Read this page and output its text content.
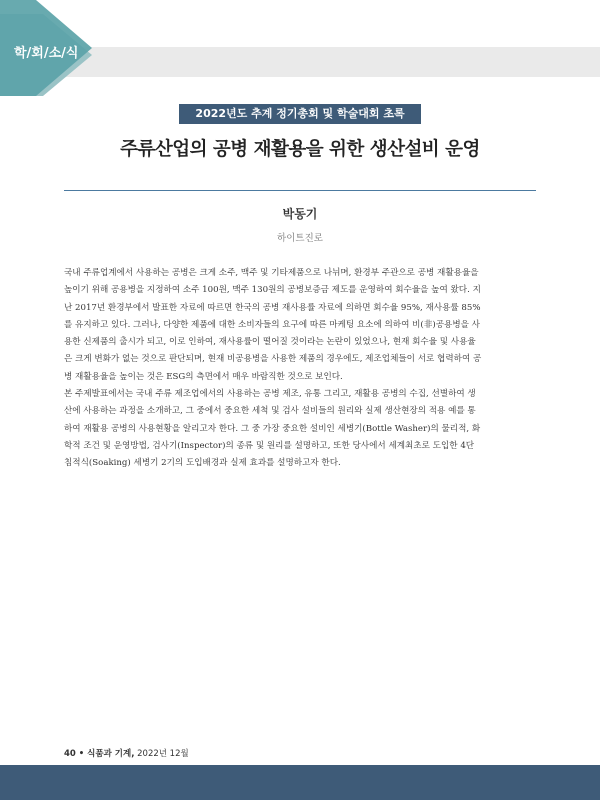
학/회/소/식
2022년도 추계 정기총회 및 학술대회 초록
주류산업의 공병 재활용을 위한 생산설비 운영
박동기
하이트진로

국내 주류업계에서 사용하는 공병은 크게 소주, 맥주 및 기타제품으로 나뉘며, 환경부 주관으로 공병 재활용율을

높이기 위해 공용병을 지정하여 소주 100원, 맥주 130원의 공병보증금 제도를 운영하여 회수율을 높여 왔다. 지

난 2017년 환경부에서 발표한 자료에 따르면 한국의 공병 재사용률 자료에 의하면 회수율 95%, 재사용률 85%

를 유지하고 있다. 그러나, 다양한 제품에 대한 소비자들의 요구에 따른 마케팅 요소에 의하여 비(非)공용병을 사

용한 신제품의 출시가 되고, 이로 인하여, 재사용률이 떨어질 것이라는 논란이 있었으나, 현재 회수율 및 사용율

은 크게 변화가 없는 것으로 판단되며, 현재 비공용병을 사용한 제품의 경우에도, 제조업체들이 서로 협력하여 공

병 재활용율을 높이는 것은 ESG의 측면에서 매우 바람직한 것으로 보인다.

본 주제발표에서는 국내 주류 제조업에서의 사용하는 공병 제조, 유통 그리고, 재활용 공병의 수집, 선별하여 생

산에 사용하는 과정을 소개하고, 그 중에서 중요한 세척 및 검사 설비들의 원리와 실제 생산현장의 적용 예를 통

하여 재활용 공병의 사용현황을 알리고자 한다. 그 중 가장 중요한 설비인 세병기(Bottle Washer)의 물리적, 화

학적 조건 및 운영방법, 검사기(Inspector)의 종류 및 원리를 설명하고, 또한 당사에서 세계최초로 도입한 4단

침적식(Soaking) 세병기 2기의 도입배경과 실제 효과를 설명하고자 한다.

40 • 식품과 기계, 2022년 12월
